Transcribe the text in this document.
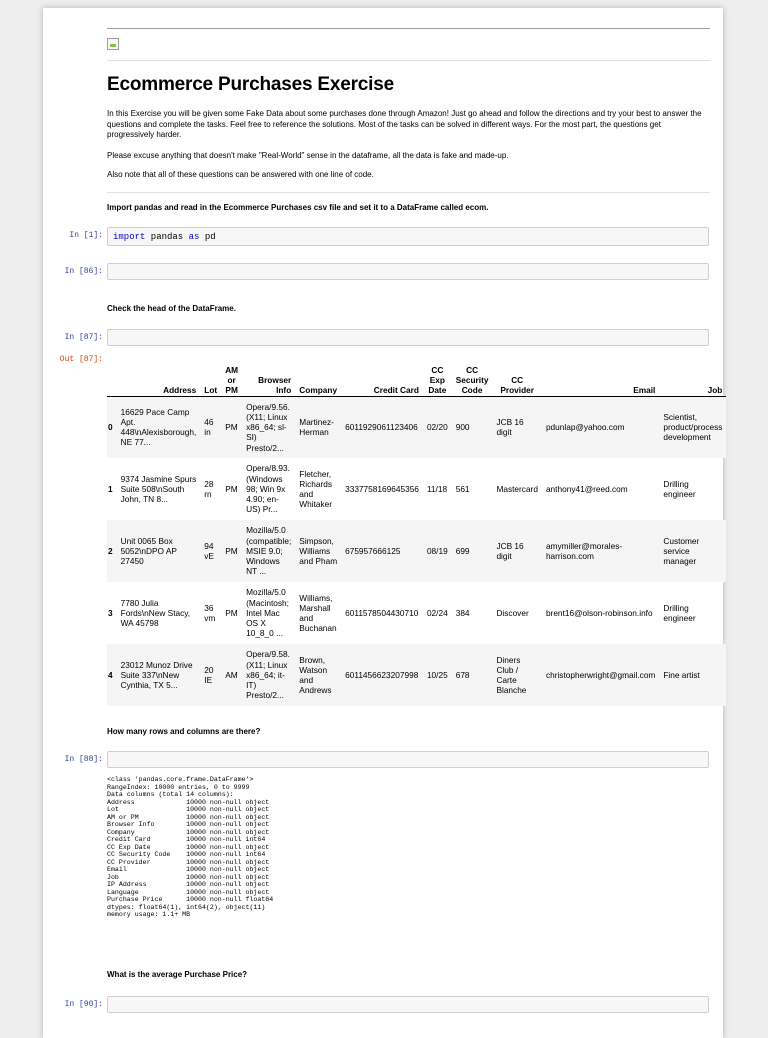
Ecommerce Purchases Exercise
In this Exercise you will be given some Fake Data about some purchases done through Amazon! Just go ahead and follow the directions and try your best to answer the questions and complete the tasks. Feel free to reference the solutions. Most of the tasks can be solved in different ways. For the most part, the questions get progressively harder.
Please excuse anything that doesn't make "Real-World" sense in the dataframe, all the data is fake and made-up.
Also note that all of these questions can be answered with one line of code.
Import pandas and read in the Ecommerce Purchases csv file and set it to a DataFrame called ecom.
In [1]:	import pandas as pd
In [86]:
Check the head of the DataFrame.
In [87]:
Out [87]:
	Address	Lot	AM or PM	Browser Info	Company	Credit Card	CC Exp Date	CC Security Code	CC Provider	Email	Job
0	16629 Pace Camp Apt. 448\nAlexisborough, NE 77...	46 in	PM	Opera/9.56.(X11; Linux x86_64; sl-SI) Presto/2...	Martinez-Herman	6011929061123406	02/20	900	JCB 16 digit	pdunlap@yahoo.com	Scientist, product/process development
1	9374 Jasmine Spurs Suite 508\nSouth John, TN 8...	28 rn	PM	Opera/8.93.(Windows 98; Win 9x 4.90; en-US) Pr...	Fletcher, Richards and Whitaker	3337758169645356	11/18	561	Mastercard	anthony41@reed.com	Drilling engineer
2	Unit 0065 Box 5052\nDPO AP 27450	94 vE	PM	Mozilla/5.0 (compatible; MSIE 9.0; Windows NT ...	Simpson, Williams and Pham	675957666125	08/19	699	JCB 16 digit	amymiller@morales-harrison.com	Customer service manager
3	7780 Julia Fords\nNew Stacy, WA 45798	36 vm	PM	Mozilla/5.0 (Macintosh; Intel Mac OS X 10_8_0 ...	Williams, Marshall and Buchanan	6011578504430710	02/24	384	Discover	brent16@olson-robinson.info	Drilling engineer
4	23012 Munoz Drive Suite 337\nNew Cynthia, TX 5...	20 IE	AM	Opera/9.58.(X11; Linux x86_64; it-IT) Presto/2...	Brown, Watson and Andrews	6011456623207998	10/25	678	Diners Club / Carte Blanche	christopherwright@gmail.com	Fine artist
How many rows and columns are there?
In [88]:
<class 'pandas.core.frame.DataFrame'>
RangeIndex: 10000 entries, 0 to 9999
Data columns (total 14 columns):
Address             10000 non-null object
Lot                 10000 non-null object
AM or PM            10000 non-null object
Browser Info        10000 non-null object
Company             10000 non-null object
Credit Card         10000 non-null int64
CC Exp Date         10000 non-null object
CC Security Code    10000 non-null int64
CC Provider         10000 non-null object
Email               10000 non-null object
Job                 10000 non-null object
IP Address          10000 non-null object
Language            10000 non-null object
Purchase Price      10000 non-null float64
dtypes: float64(1), int64(2), object(11)
memory usage: 1.1+ MB
What is the average Purchase Price?
In [90]:
